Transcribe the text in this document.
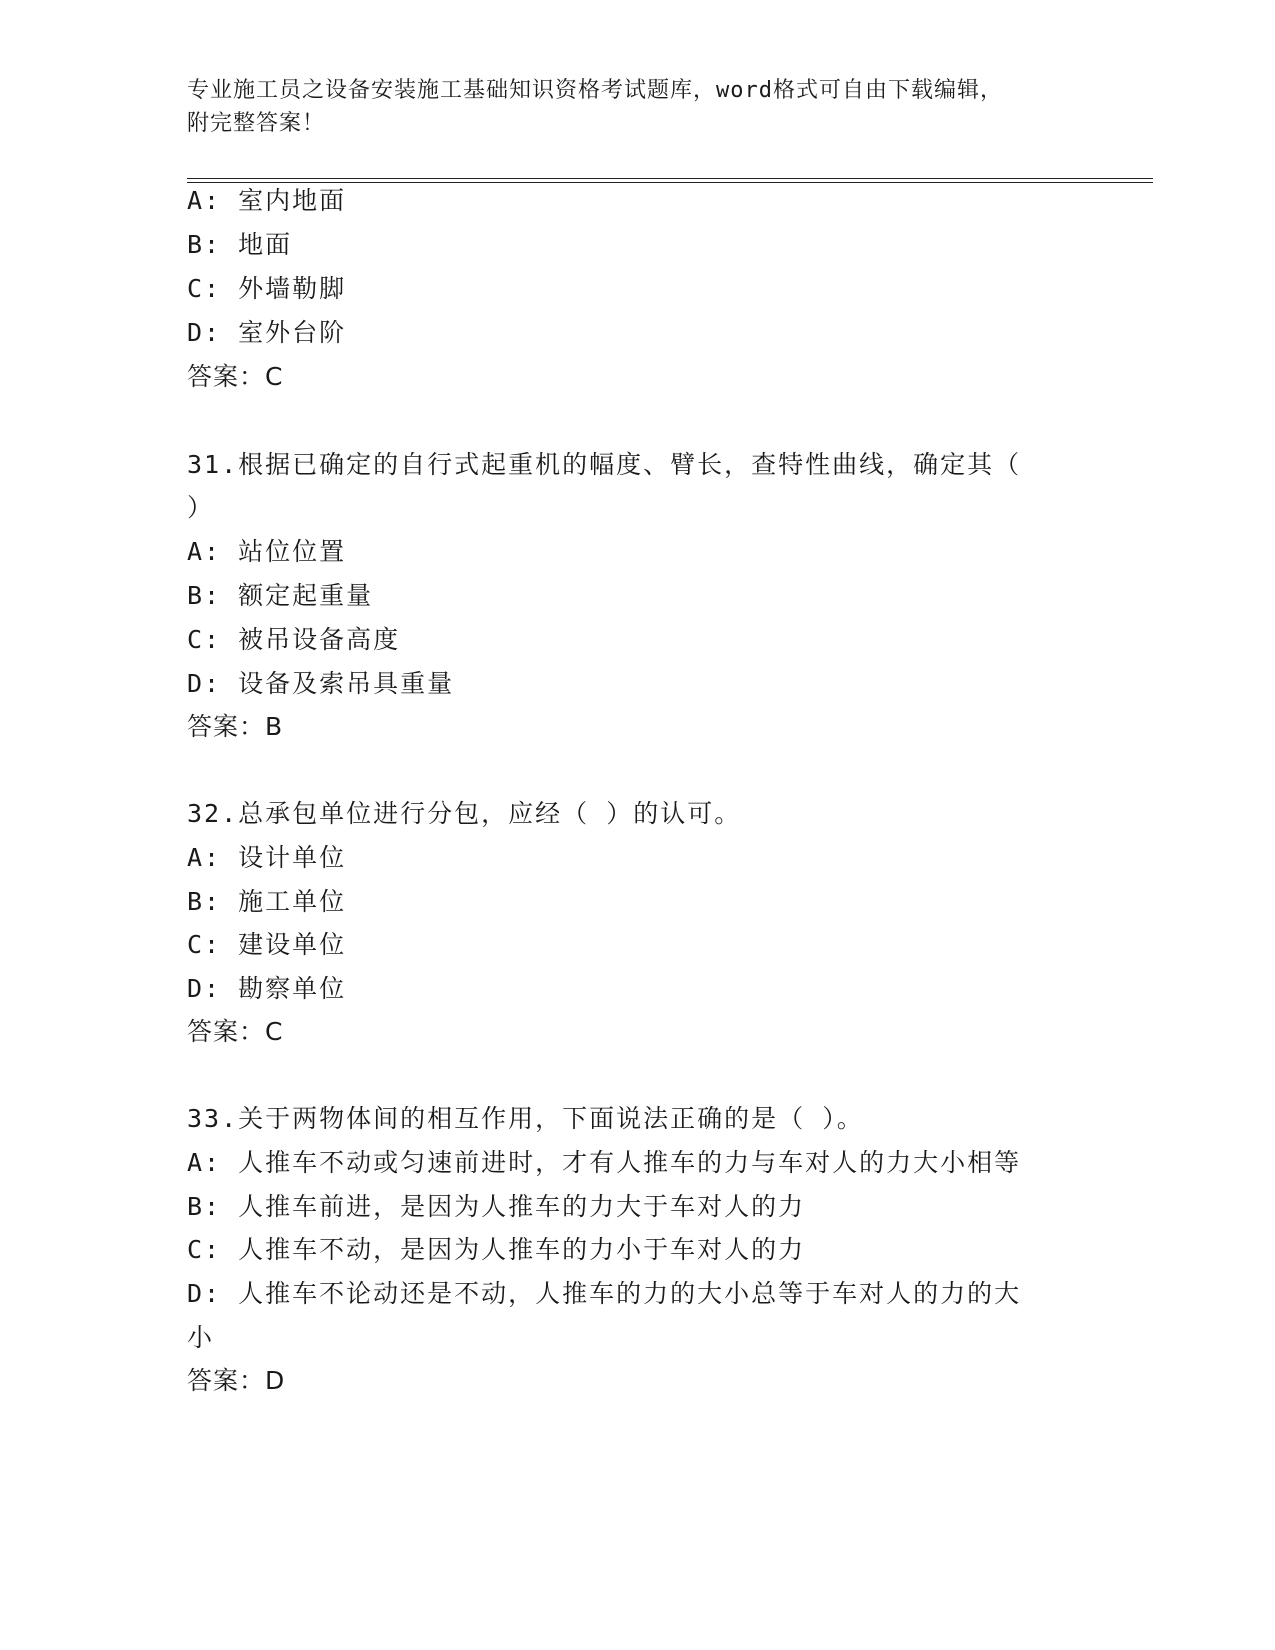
专业施工员之设备安装施工基础知识资格考试题库，word格式可自由下载编辑，
附完整答案！
A: 室内地面
B: 地面
C: 外墙勒脚
D: 室外台阶
答案：C
31.根据已确定的自行式起重机的幅度、臂长，查特性曲线，确定其（
）
A: 站位位置
B: 额定起重量
C: 被吊设备高度
D: 设备及索吊具重量
答案：B
32.总承包单位进行分包，应经（ ）的认可。
A: 设计单位
B: 施工单位
C: 建设单位
D: 勘察单位
答案：C
33.关于两物体间的相互作用，下面说法正确的是（ ）。
A: 人推车不动或匀速前进时，才有人推车的力与车对人的力大小相等
B: 人推车前进，是因为人推车的力大于车对人的力
C: 人推车不动，是因为人推车的力小于车对人的力
D: 人推车不论动还是不动，人推车的力的大小总等于车对人的力的大
小
答案：D
